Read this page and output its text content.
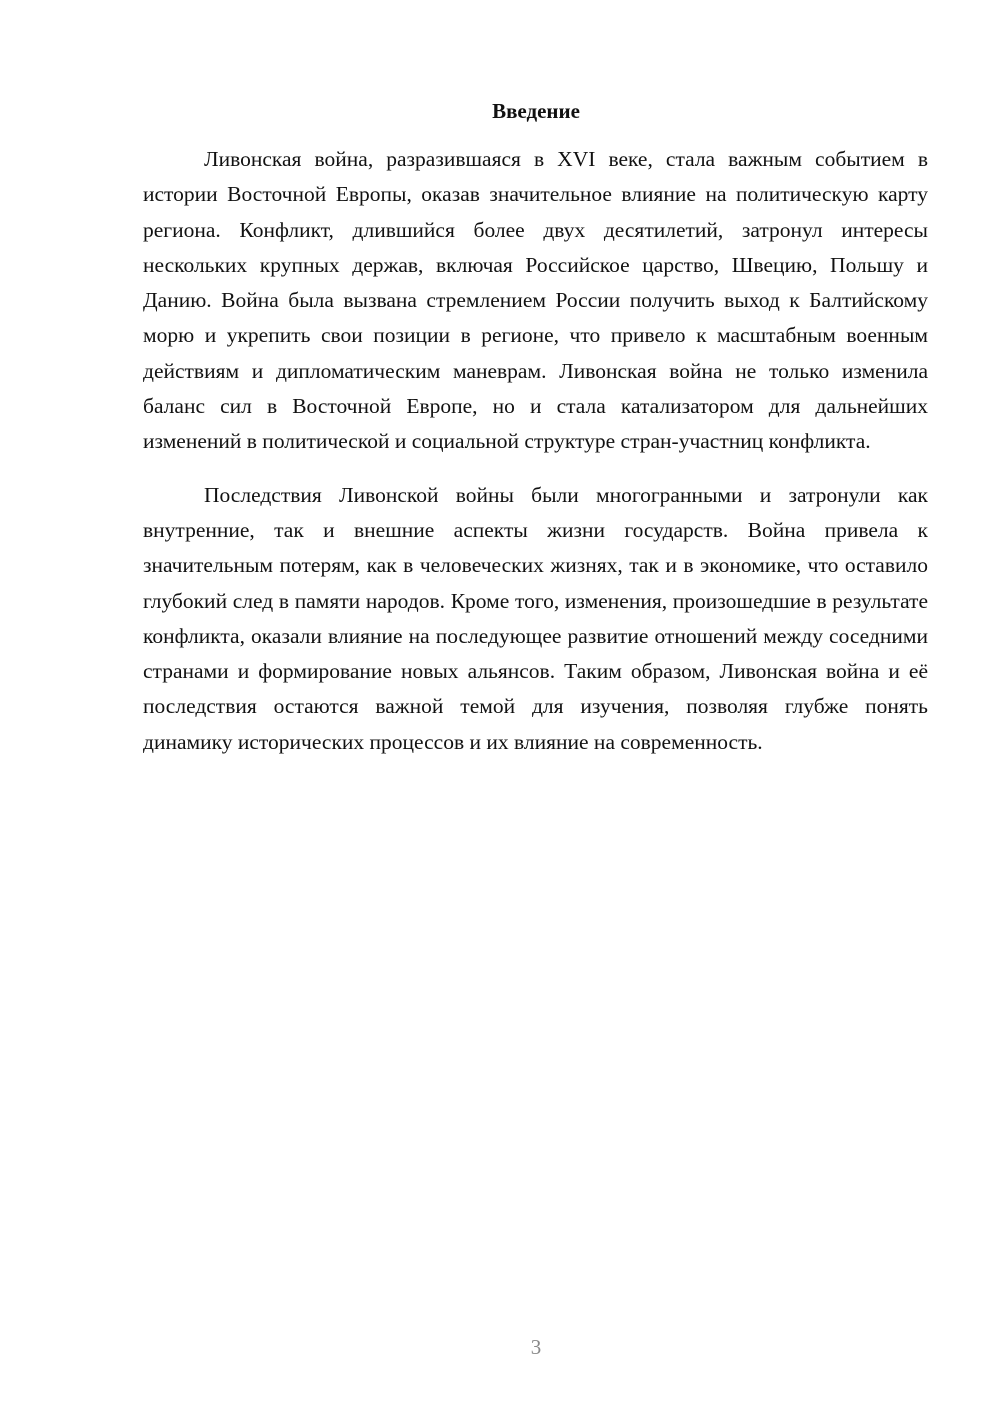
Введение

Ливонская война, разразившаяся в XVI веке, стала важным событием в истории Восточной Европы, оказав значительное влияние на политическую карту региона. Конфликт, длившийся более двух десятилетий, затронул интересы нескольких крупных держав, включая Российское царство, Швецию, Польшу и Данию. Война была вызвана стремлением России получить выход к Балтийскому морю и укрепить свои позиции в регионе, что привело к масштабным военным действиям и дипломатическим маневрам. Ливонская война не только изменила баланс сил в Восточной Европе, но и стала катализатором для дальнейших изменений в политической и социальной структуре стран-участниц конфликта.

Последствия Ливонской войны были многогранными и затронули как внутренние, так и внешние аспекты жизни государств. Война привела к значительным потерям, как в человеческих жизнях, так и в экономике, что оставило глубокий след в памяти народов. Кроме того, изменения, произошедшие в результате конфликта, оказали влияние на последующее развитие отношений между соседними странами и формирование новых альянсов. Таким образом, Ливонская война и её последствия остаются важной темой для изучения, позволяя глубже понять динамику исторических процессов и их влияние на современность.

3
